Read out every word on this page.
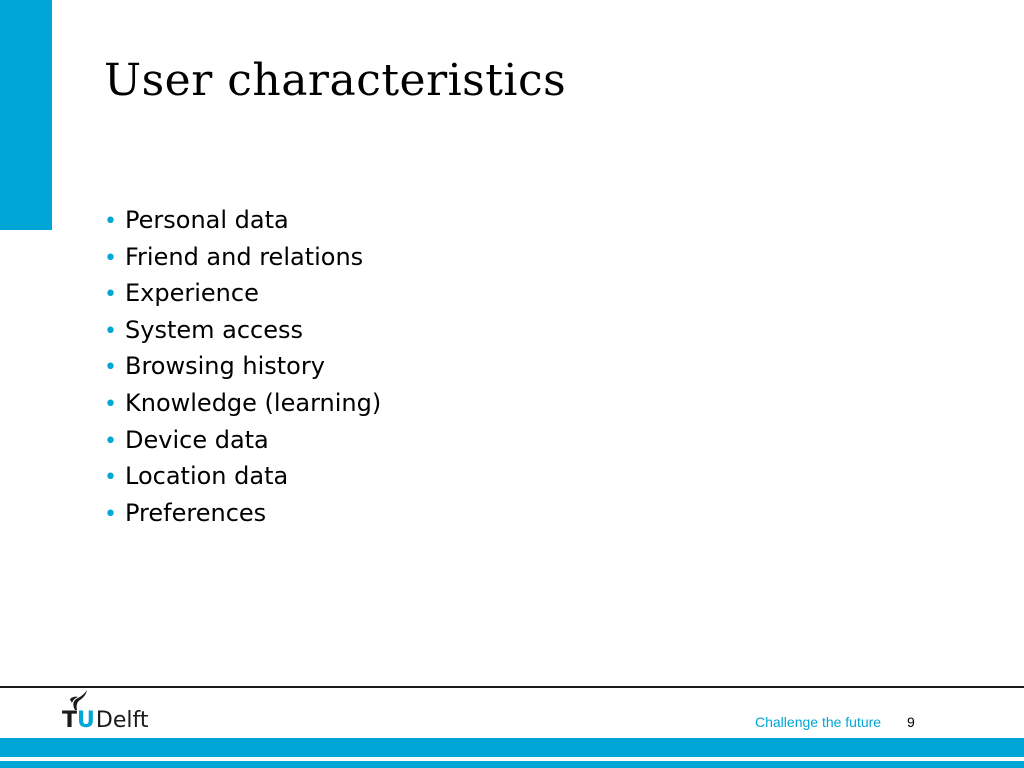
User characteristics
• Personal data
• Friend and relations
• Experience
• System access
• Browsing history
• Knowledge (learning)
• Device data
• Location data
• Preferences
TUDelft	Challenge the future 9
